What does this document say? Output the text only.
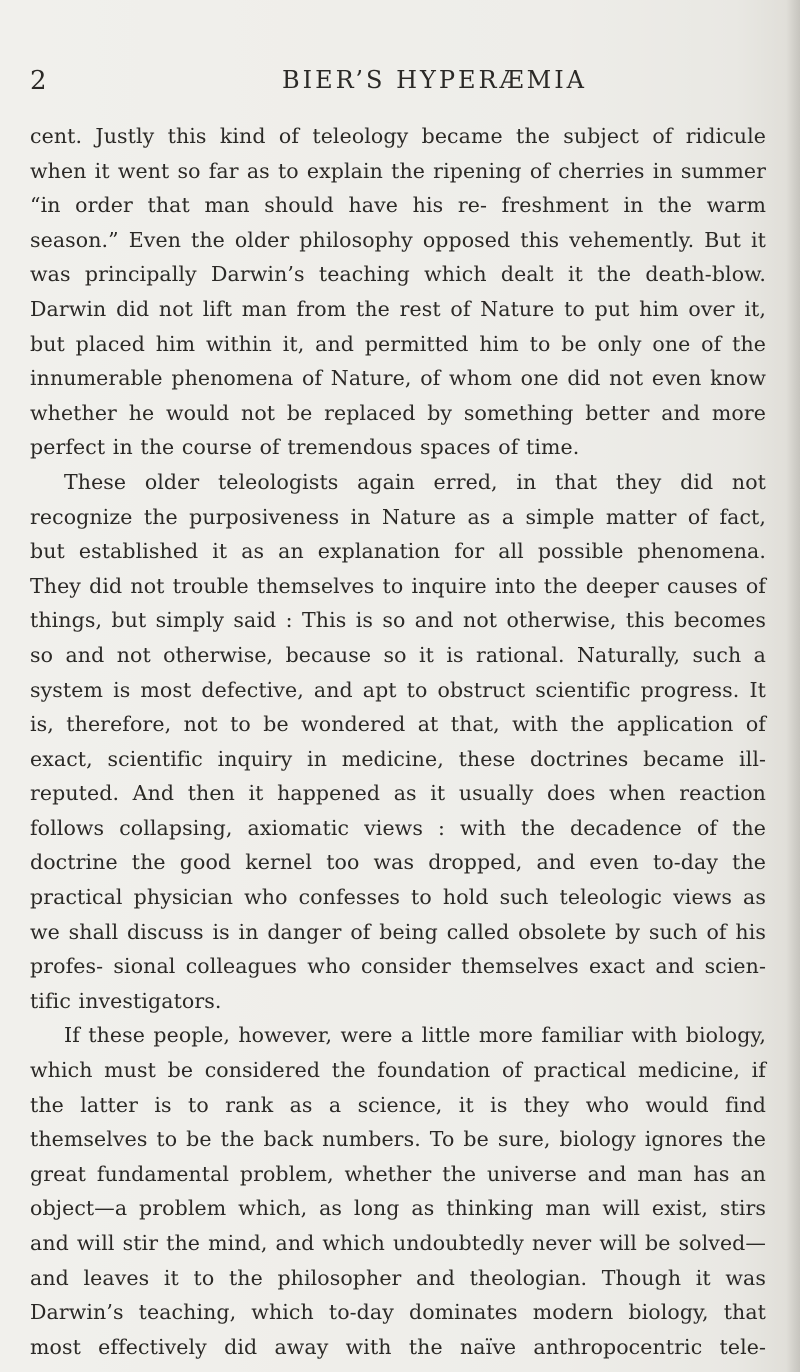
2	BIER’S HYPERÆMIA

cent. Justly this kind of teleology became the subject of ridicule when it went so far as to explain the ripening of cherries in summer “in order that man should have his re- freshment in the warm season.” Even the older philosophy opposed this vehemently. But it was principally Darwin’s teaching which dealt it the death-blow. Darwin did not lift man from the rest of Nature to put him over it, but placed him within it, and permitted him to be only one of the innumerable phenomena of Nature, of whom one did not even know whether he would not be replaced by something better and more perfect in the course of tremendous spaces of time.

These older teleologists again erred, in that they did not recognize the purposiveness in Nature as a simple matter of fact, but established it as an explanation for all possible phenomena. They did not trouble themselves to inquire into the deeper causes of things, but simply said : This is so and not otherwise, this becomes so and not otherwise, because so it is rational. Naturally, such a system is most defective, and apt to obstruct scientific progress. It is, therefore, not to be wondered at that, with the application of exact, scientific inquiry in medicine, these doctrines became ill-reputed. And then it happened as it usually does when reaction follows collapsing, axiomatic views : with the decadence of the doctrine the good kernel too was dropped, and even to-day the practical physician who confesses to hold such teleologic views as we shall discuss is in danger of being called obsolete by such of his profes- sional colleagues who consider themselves exact and scien- tific investigators.

If these people, however, were a little more familiar with biology, which must be considered the foundation of practical medicine, if the latter is to rank as a science, it is they who would find themselves to be the back numbers. To be sure, biology ignores the great fundamental problem, whether the universe and man has an object—a problem which, as long as thinking man will exist, stirs and will stir the mind, and which undoubtedly never will be solved—and leaves it to the philosopher and theologian. Though it was Darwin’s teaching, which to-day dominates modern biology, that most effectively did away with the naïve anthropocentric tele-
